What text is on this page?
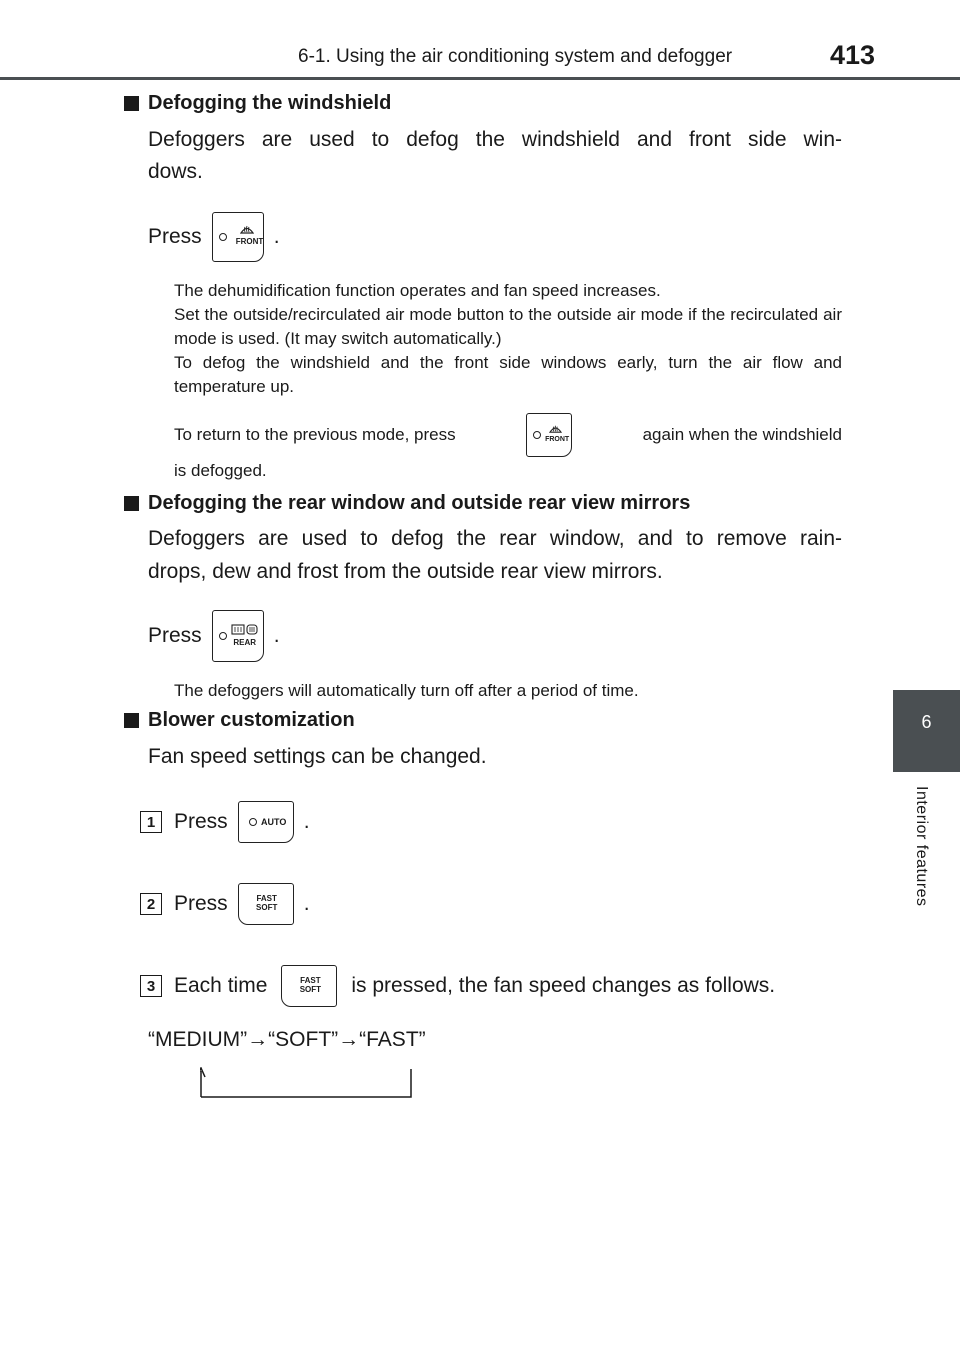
6-1. Using the air conditioning system and defogger	413
6
Interior features
Defogging the windshield
Defoggers are used to defog the windshield and front side win-
dows.
Press	FRONT .
The dehumidification function operates and fan speed increases.
Set the outside/recirculated air mode button to the outside air mode if the recirculated air mode is used. (It may switch automatically.)
To defog the windshield and the front side windows early, turn the air flow and temperature up.
To return to the previous mode, press	FRONT	again when the windshield
is defogged.
Defogging the rear window and outside rear view mirrors
Defoggers are used to defog the rear window, and to remove rain-
drops, dew and frost from the outside rear view mirrors.
Press	REAR .
The defoggers will automatically turn off after a period of time.
Blower customization
Fan speed settings can be changed.
1 Press	AUTO .
2 Press	FAST
SOFT .
3 Each time	FAST
SOFT is pressed, the fan speed changes as follows.
“MEDIUM” → “SOFT” → “FAST”
